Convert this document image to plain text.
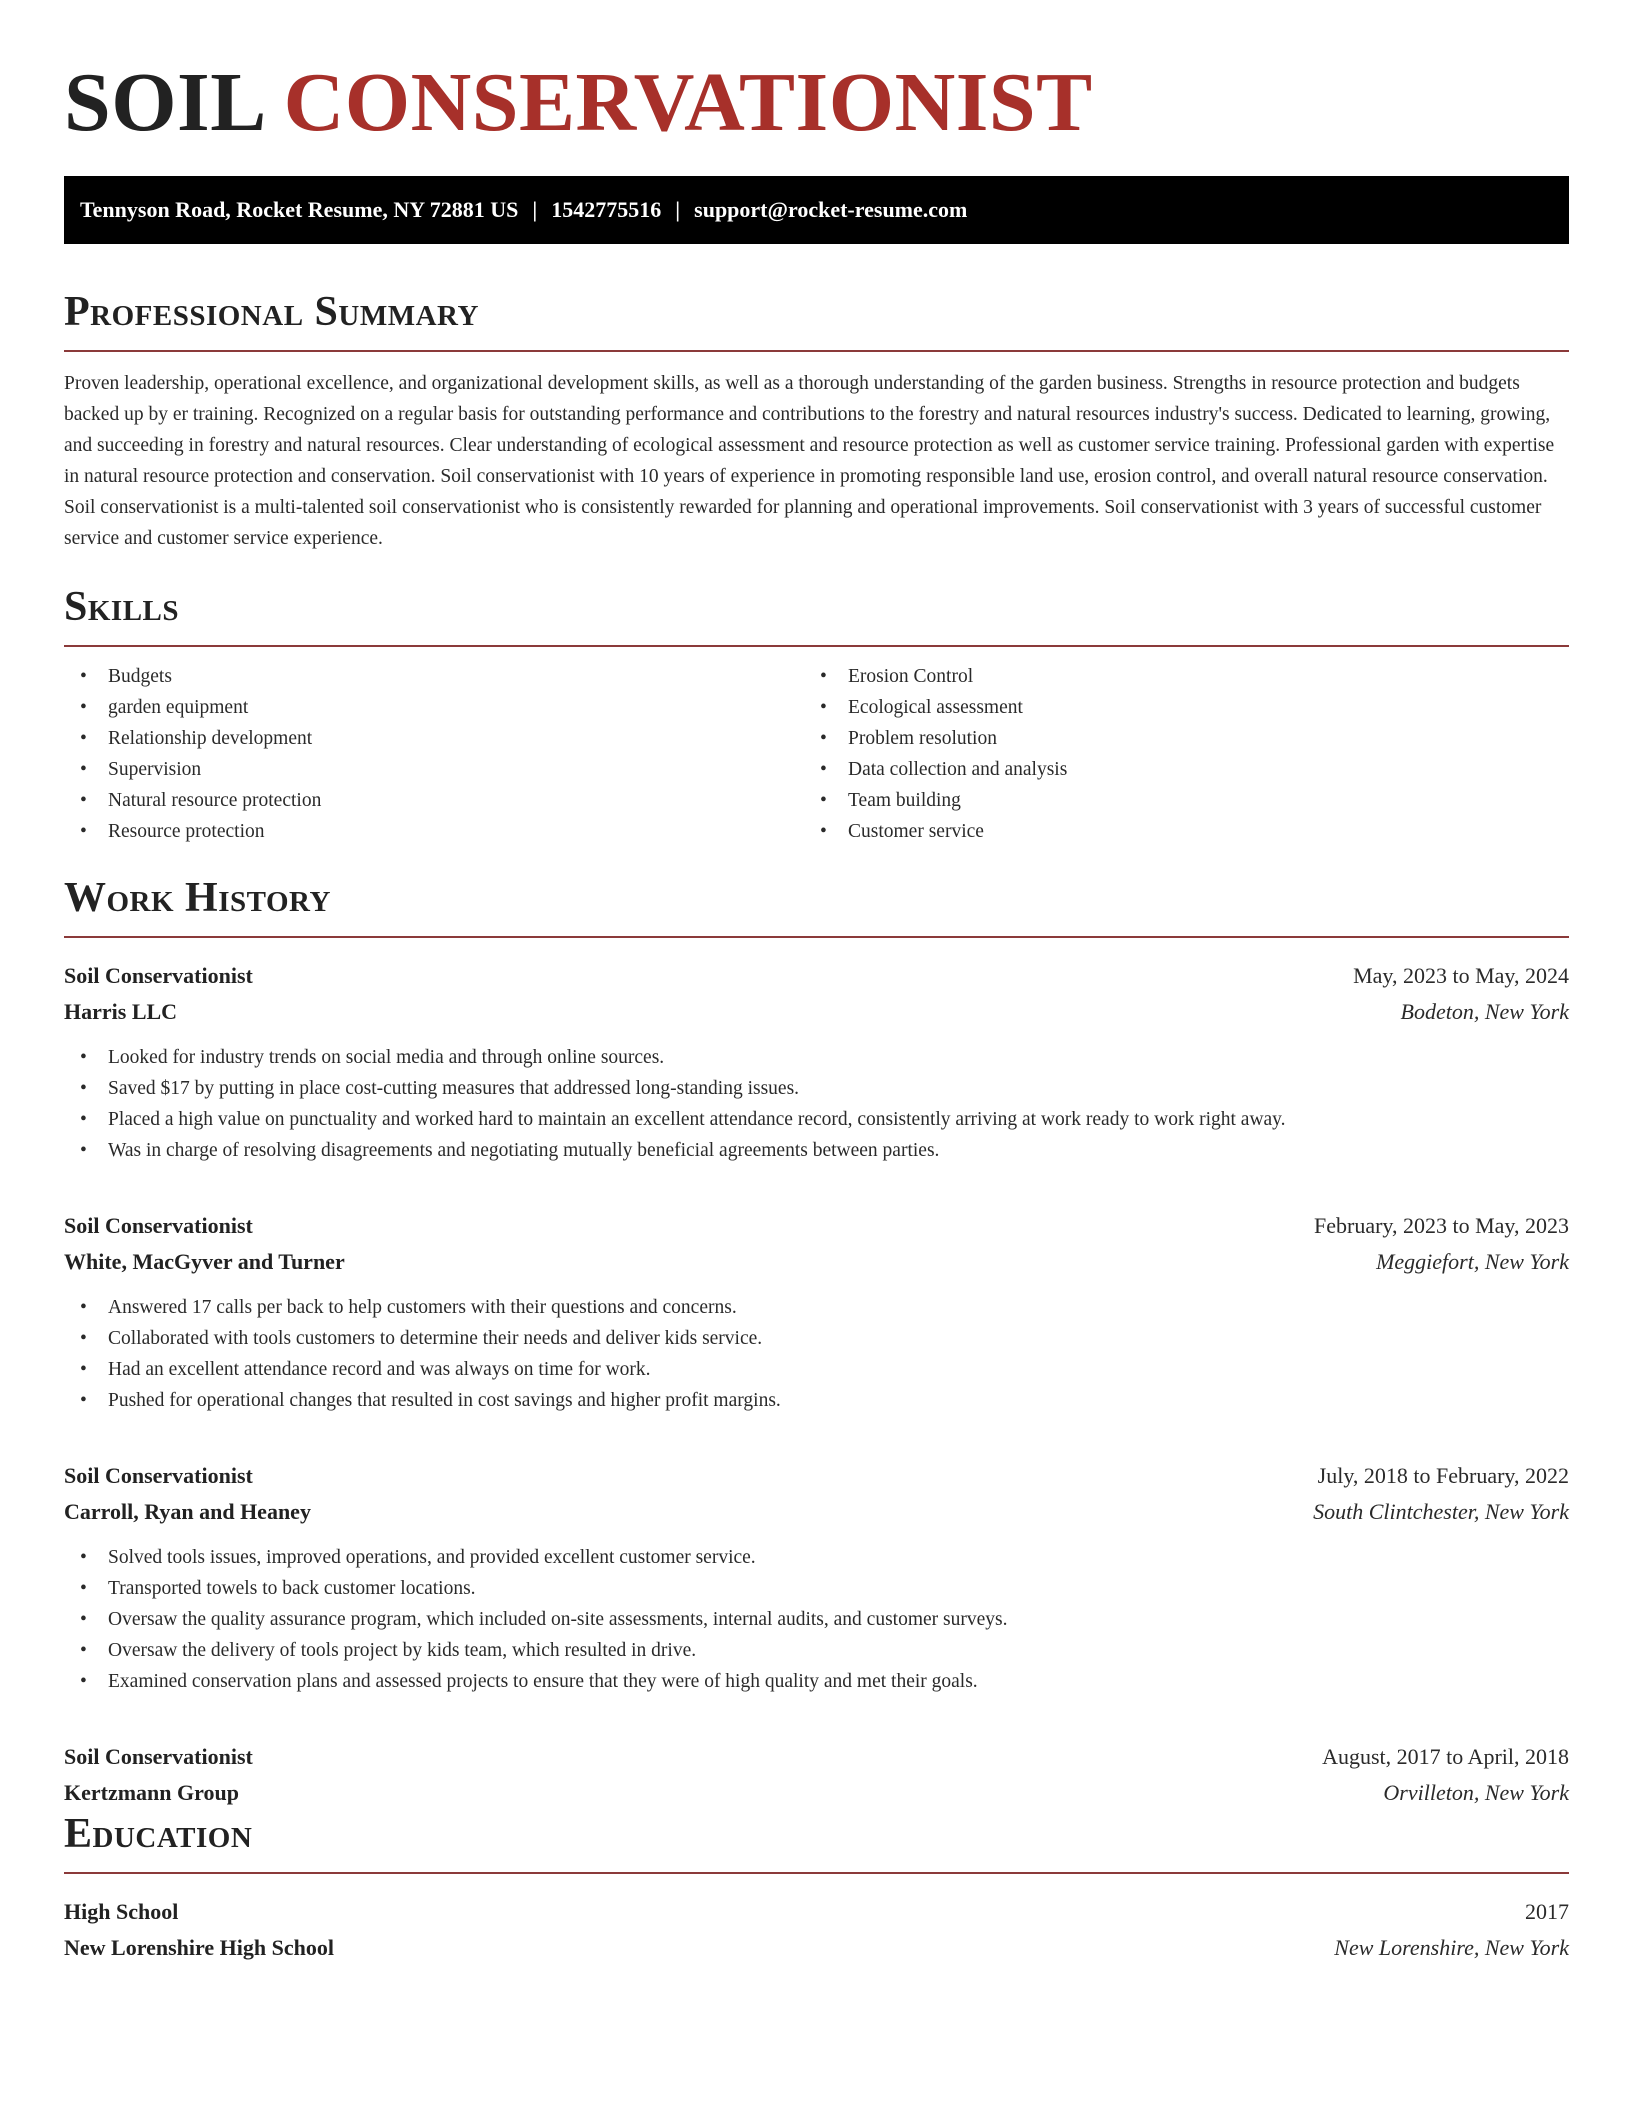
SOIL CONSERVATIONIST
Tennyson Road, Rocket Resume, NY 72881 US | 1542775516 | support@rocket-resume.com
Professional Summary

Proven leadership, operational excellence, and organizational development skills, as well as a thorough understanding of the garden business. Strengths in resource protection and budgets backed up by er training. Recognized on a regular basis for outstanding performance and contributions to the forestry and natural resources industry's success. Dedicated to learning, growing, and succeeding in forestry and natural resources. Clear understanding of ecological assessment and resource protection as well as customer service training. Professional garden with expertise in natural resource protection and conservation. Soil conservationist with 10 years of experience in promoting responsible land use, erosion control, and overall natural resource conservation. Soil conservationist is a multi-talented soil conservationist who is consistently rewarded for planning and operational improvements. Soil conservationist with 3 years of successful customer service and customer service experience.

Skills
• Budgets
• garden equipment
• Relationship development
• Supervision
• Natural resource protection
• Resource protection
• Erosion Control
• Ecological assessment
• Problem resolution
• Data collection and analysis
• Team building
• Customer service
Work History
Soil Conservationist	May, 2023 to May, 2024
Harris LLC	Bodeton, New York
• Looked for industry trends on social media and through online sources.
• Saved $17 by putting in place cost-cutting measures that addressed long-standing issues.
• Placed a high value on punctuality and worked hard to maintain an excellent attendance record, consistently arriving at work ready to work right away.
• Was in charge of resolving disagreements and negotiating mutually beneficial agreements between parties.
Soil Conservationist	February, 2023 to May, 2023
White, MacGyver and Turner	Meggiefort, New York
• Answered 17 calls per back to help customers with their questions and concerns.
• Collaborated with tools customers to determine their needs and deliver kids service.
• Had an excellent attendance record and was always on time for work.
• Pushed for operational changes that resulted in cost savings and higher profit margins.
Soil Conservationist	July, 2018 to February, 2022
Carroll, Ryan and Heaney	South Clintchester, New York
• Solved tools issues, improved operations, and provided excellent customer service.
• Transported towels to back customer locations.
• Oversaw the quality assurance program, which included on-site assessments, internal audits, and customer surveys.
• Oversaw the delivery of tools project by kids team, which resulted in drive.
• Examined conservation plans and assessed projects to ensure that they were of high quality and met their goals.
Soil Conservationist	August, 2017 to April, 2018
Kertzmann Group	Orvilleton, New York
Education
High School	2017
New Lorenshire High School	New Lorenshire, New York
